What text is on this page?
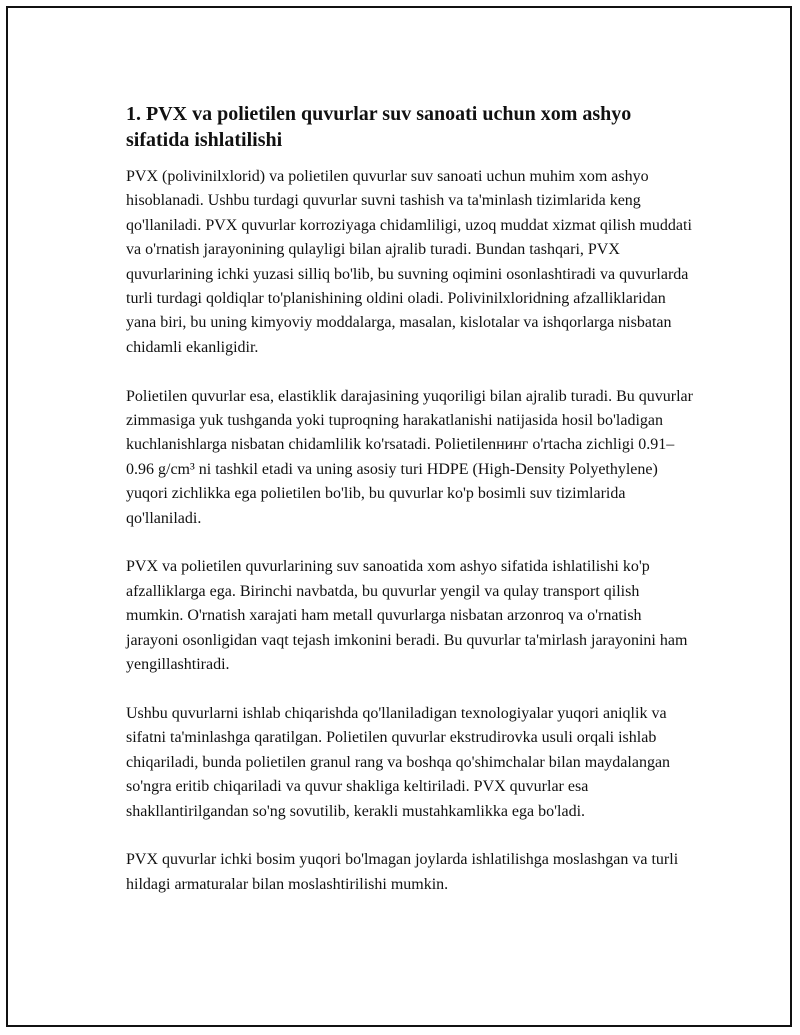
1. PVX va polietilen quvurlar suv sanoati uchun xom ashyo sifatida ishlatilishi

PVX (polivinilxlorid) va polietilen quvurlar suv sanoati uchun muhim xom ashyo hisoblanadi. Ushbu turdagi quvurlar suvni tashish va ta'minlash tizimlarida keng qo'llaniladi. PVX quvurlar korroziyaga chidamliligi, uzoq muddat xizmat qilish muddati va o'rnatish jarayonining qulayligi bilan ajralib turadi. Bundan tashqari, PVX quvurlarining ichki yuzasi silliq bo'lib, bu suvning oqimini osonlashtiradi va quvurlarda turli turdagi qoldiqlar to'planishining oldini oladi. Polivinilxloridning afzalliklaridan yana biri, bu uning kimyoviy moddalarga, masalan, kislotalar va ishqorlarga nisbatan chidamli ekanligidir.

Polietilen quvurlar esa, elastiklik darajasining yuqoriligi bilan ajralib turadi. Bu quvurlar zimmasiga yuk tushganda yoki tuproqning harakatlanishi natijasida hosil bo'ladigan kuchlanishlarga nisbatan chidamlilik ko'rsatadi. Polietilenнинг o'rtacha zichligi 0.91–0.96 g/cm³ ni tashkil etadi va uning asosiy turi HDPE (High-Density Polyethylene) yuqori zichlikka ega polietilen bo'lib, bu quvurlar ko'p bosimli suv tizimlarida qo'llaniladi.

PVX va polietilen quvurlarining suv sanoatida xom ashyo sifatida ishlatilishi ko'p afzalliklarga ega. Birinchi navbatda, bu quvurlar yengil va qulay transport qilish mumkin. O'rnatish xarajati ham metall quvurlarga nisbatan arzonroq va o'rnatish jarayoni osonligidan vaqt tejash imkonini beradi. Bu quvurlar ta'mirlash jarayonini ham yengillashtiradi.

Ushbu quvurlarni ishlab chiqarishda qo'llaniladigan texnologiyalar yuqori aniqlik va sifatni ta'minlashga qaratilgan. Polietilen quvurlar ekstrudirovka usuli orqali ishlab chiqariladi, bunda polietilen granul rang va boshqa qo'shimchalar bilan maydalangan so'ngra eritib chiqariladi va quvur shakliga keltiriladi. PVX quvurlar esa shakllantirilgandan so'ng sovutilib, kerakli mustahkamlikka ega bo'ladi.

PVX quvurlar ichki bosim yuqori bo'lmagan joylarda ishlatilishga moslashgan va turli hildagi armaturalar bilan moslashtirilishi mumkin.
